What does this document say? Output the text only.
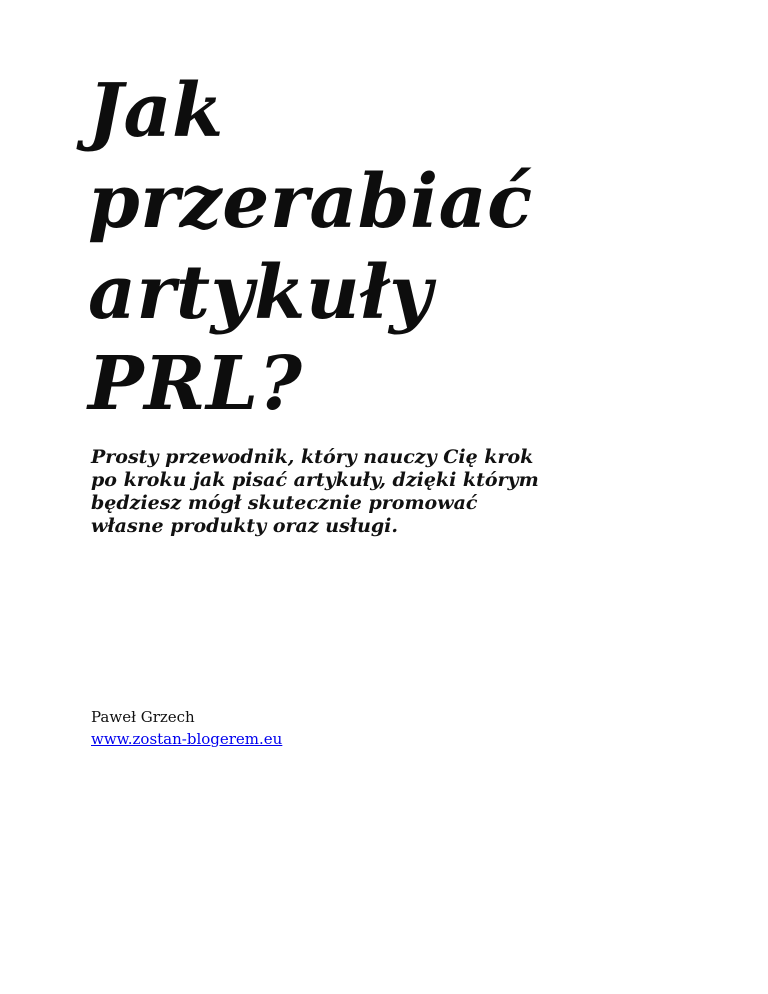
Jak
przerabiać
artykuły
PRL?

Prosty przewodnik, który nauczy Cię krok
po kroku jak pisać artykuły, dzięki którym
będziesz mógł skutecznie promować
własne produkty oraz usługi.

Paweł Grzech

www.zostan-blogerem.eu
